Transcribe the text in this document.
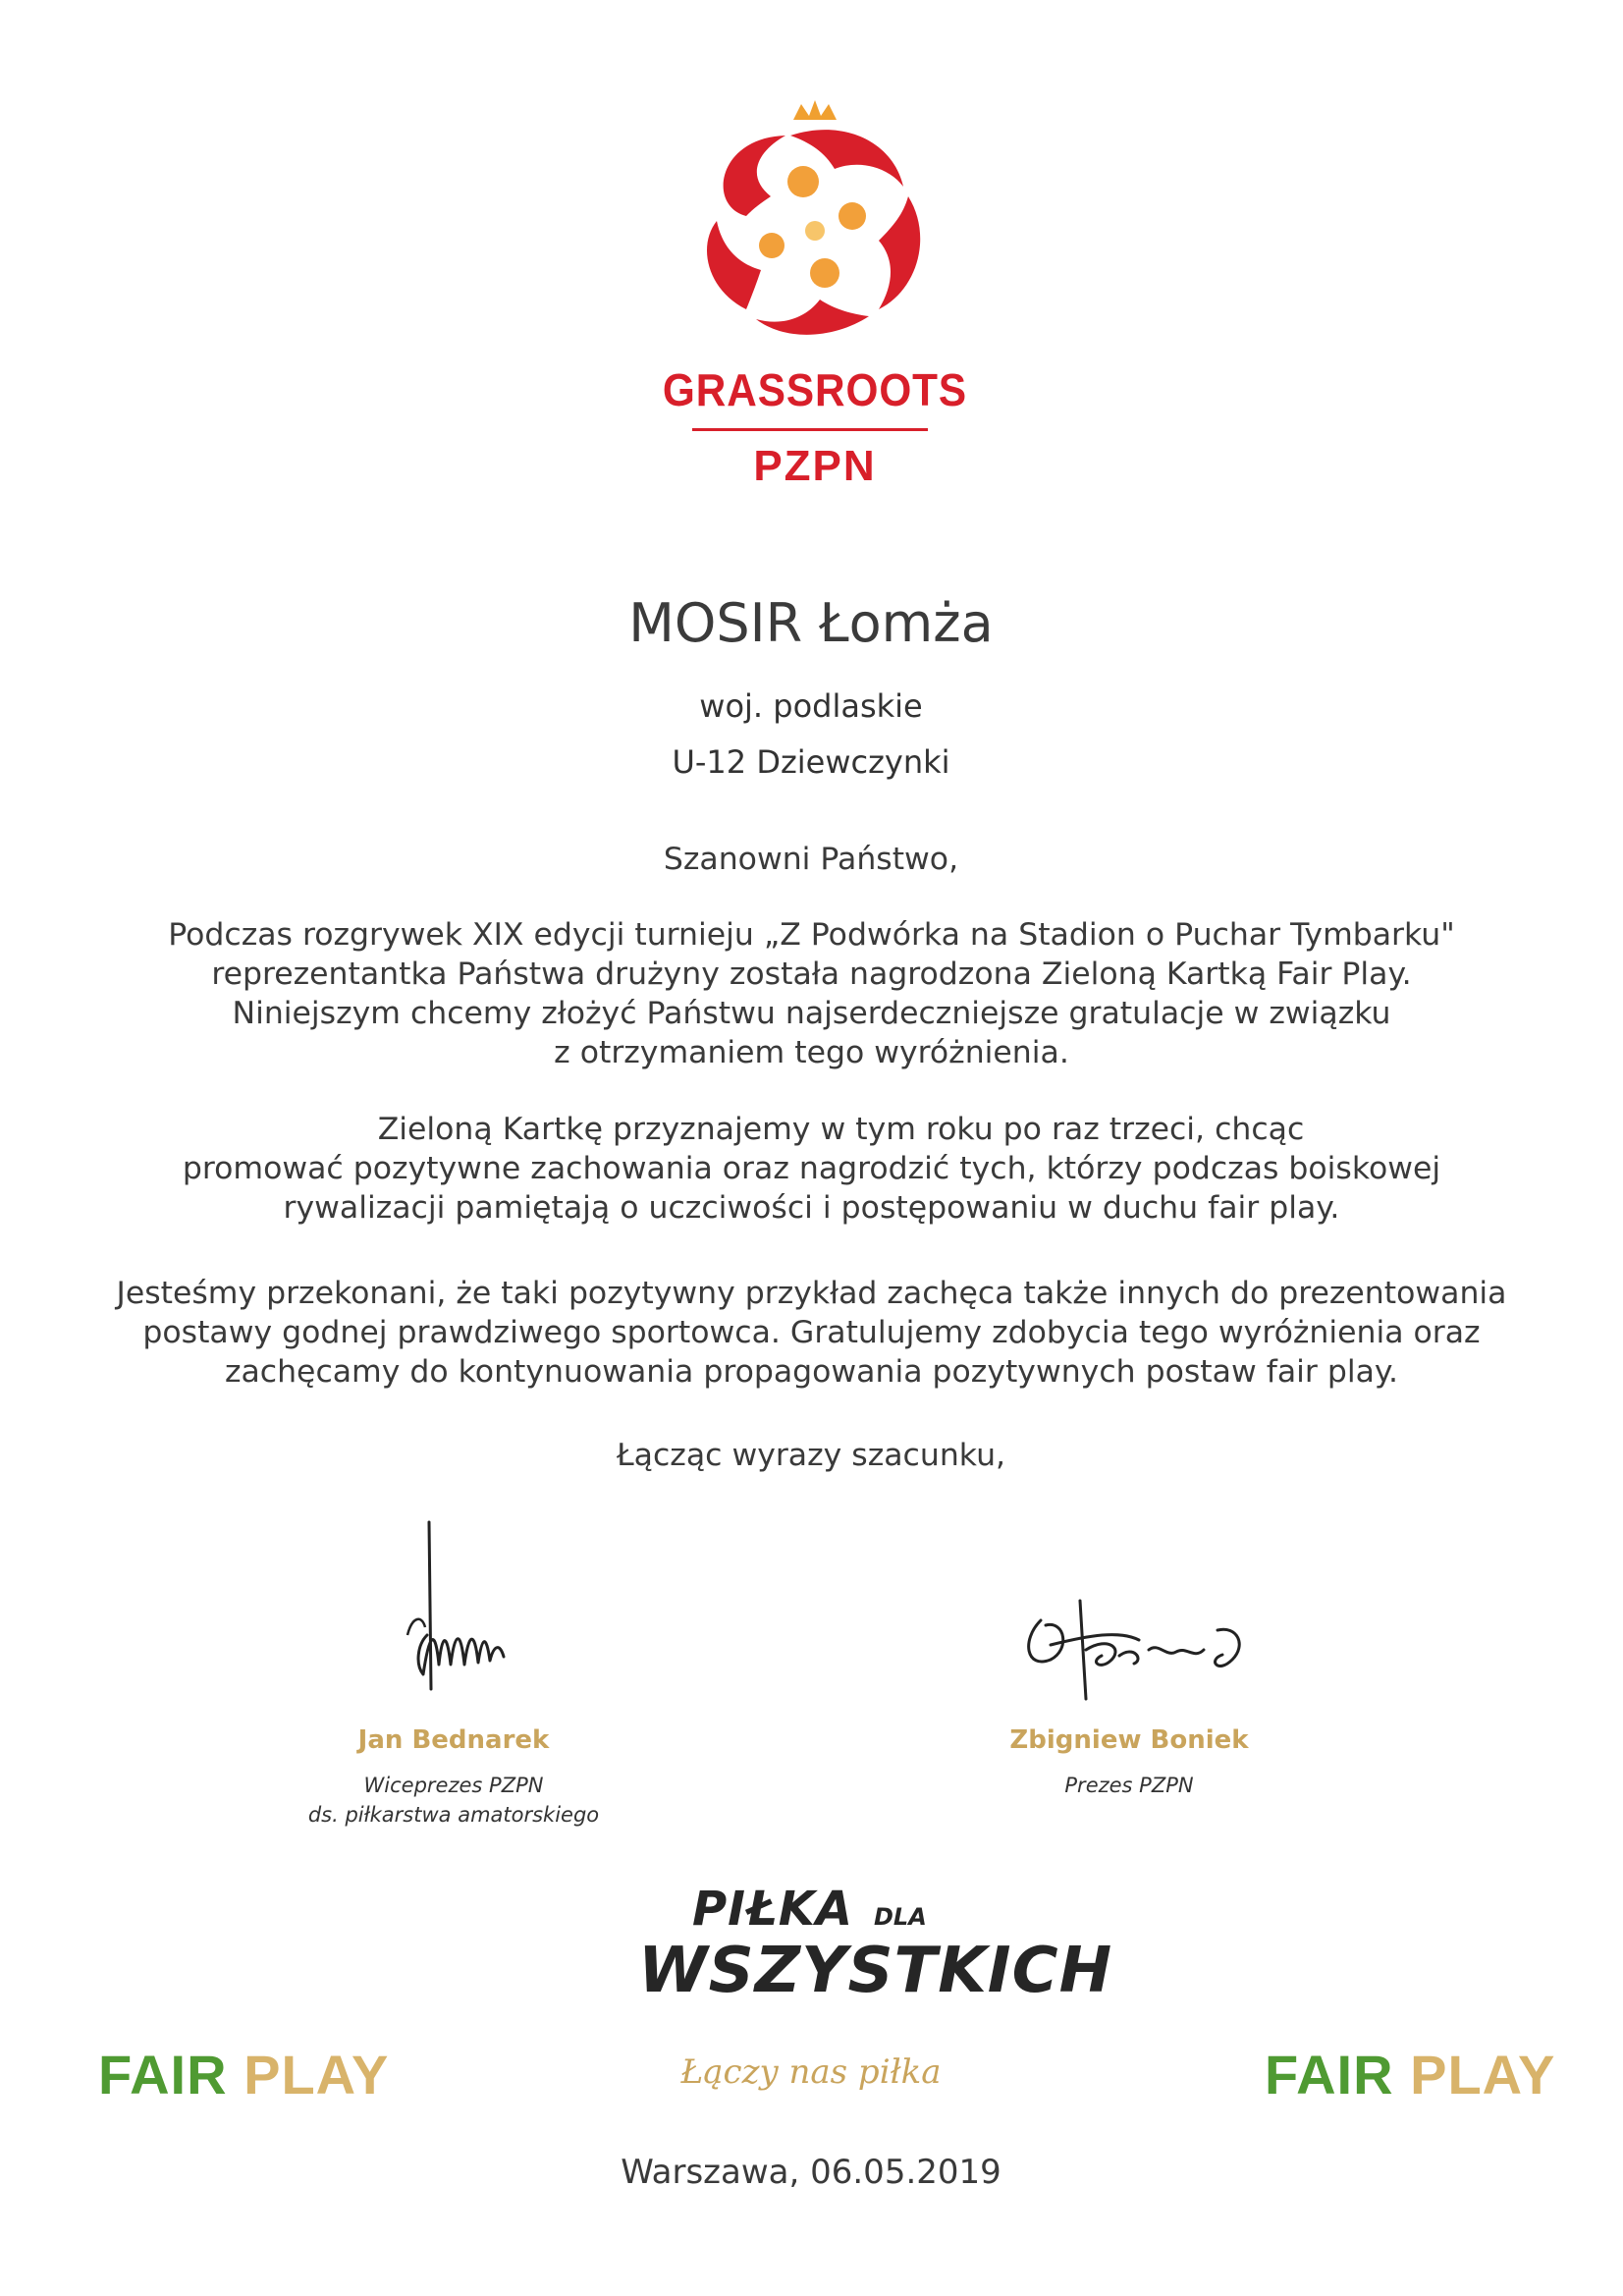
GRASSROOTS
PZPN
MOSIR Łomża
woj. podlaskie
U-12 Dziewczynki
Szanowni Państwo,
Podczas rozgrywek XIX edycji turnieju „Z Podwórka na Stadion o Puchar Tymbarku"
reprezentantka Państwa drużyny została nagrodzona Zieloną Kartką Fair Play.
Niniejszym chcemy złożyć Państwu najserdeczniejsze gratulacje w związku
z otrzymaniem tego wyróżnienia.
Zieloną Kartkę przyznajemy w tym roku po raz trzeci, chcąc
promować pozytywne zachowania oraz nagrodzić tych, którzy podczas boiskowej
rywalizacji pamiętają o uczciwości i postępowaniu w duchu fair play.
Jesteśmy przekonani, że taki pozytywny przykład zachęca także innych do prezentowania
postawy godnej prawdziwego sportowca. Gratulujemy zdobycia tego wyróżnienia oraz
zachęcamy do kontynuowania propagowania pozytywnych postaw fair play.
Łącząc wyrazy szacunku,
Jan Bednarek
Wiceprezes PZPN
ds. piłkarstwa amatorskiego
Zbigniew Boniek
Prezes PZPN
PIŁKA DLA
WSZYSTKICH
Łączy nas piłka
FAIR PLAY	FAIR PLAY
Warszawa, 06.05.2019
